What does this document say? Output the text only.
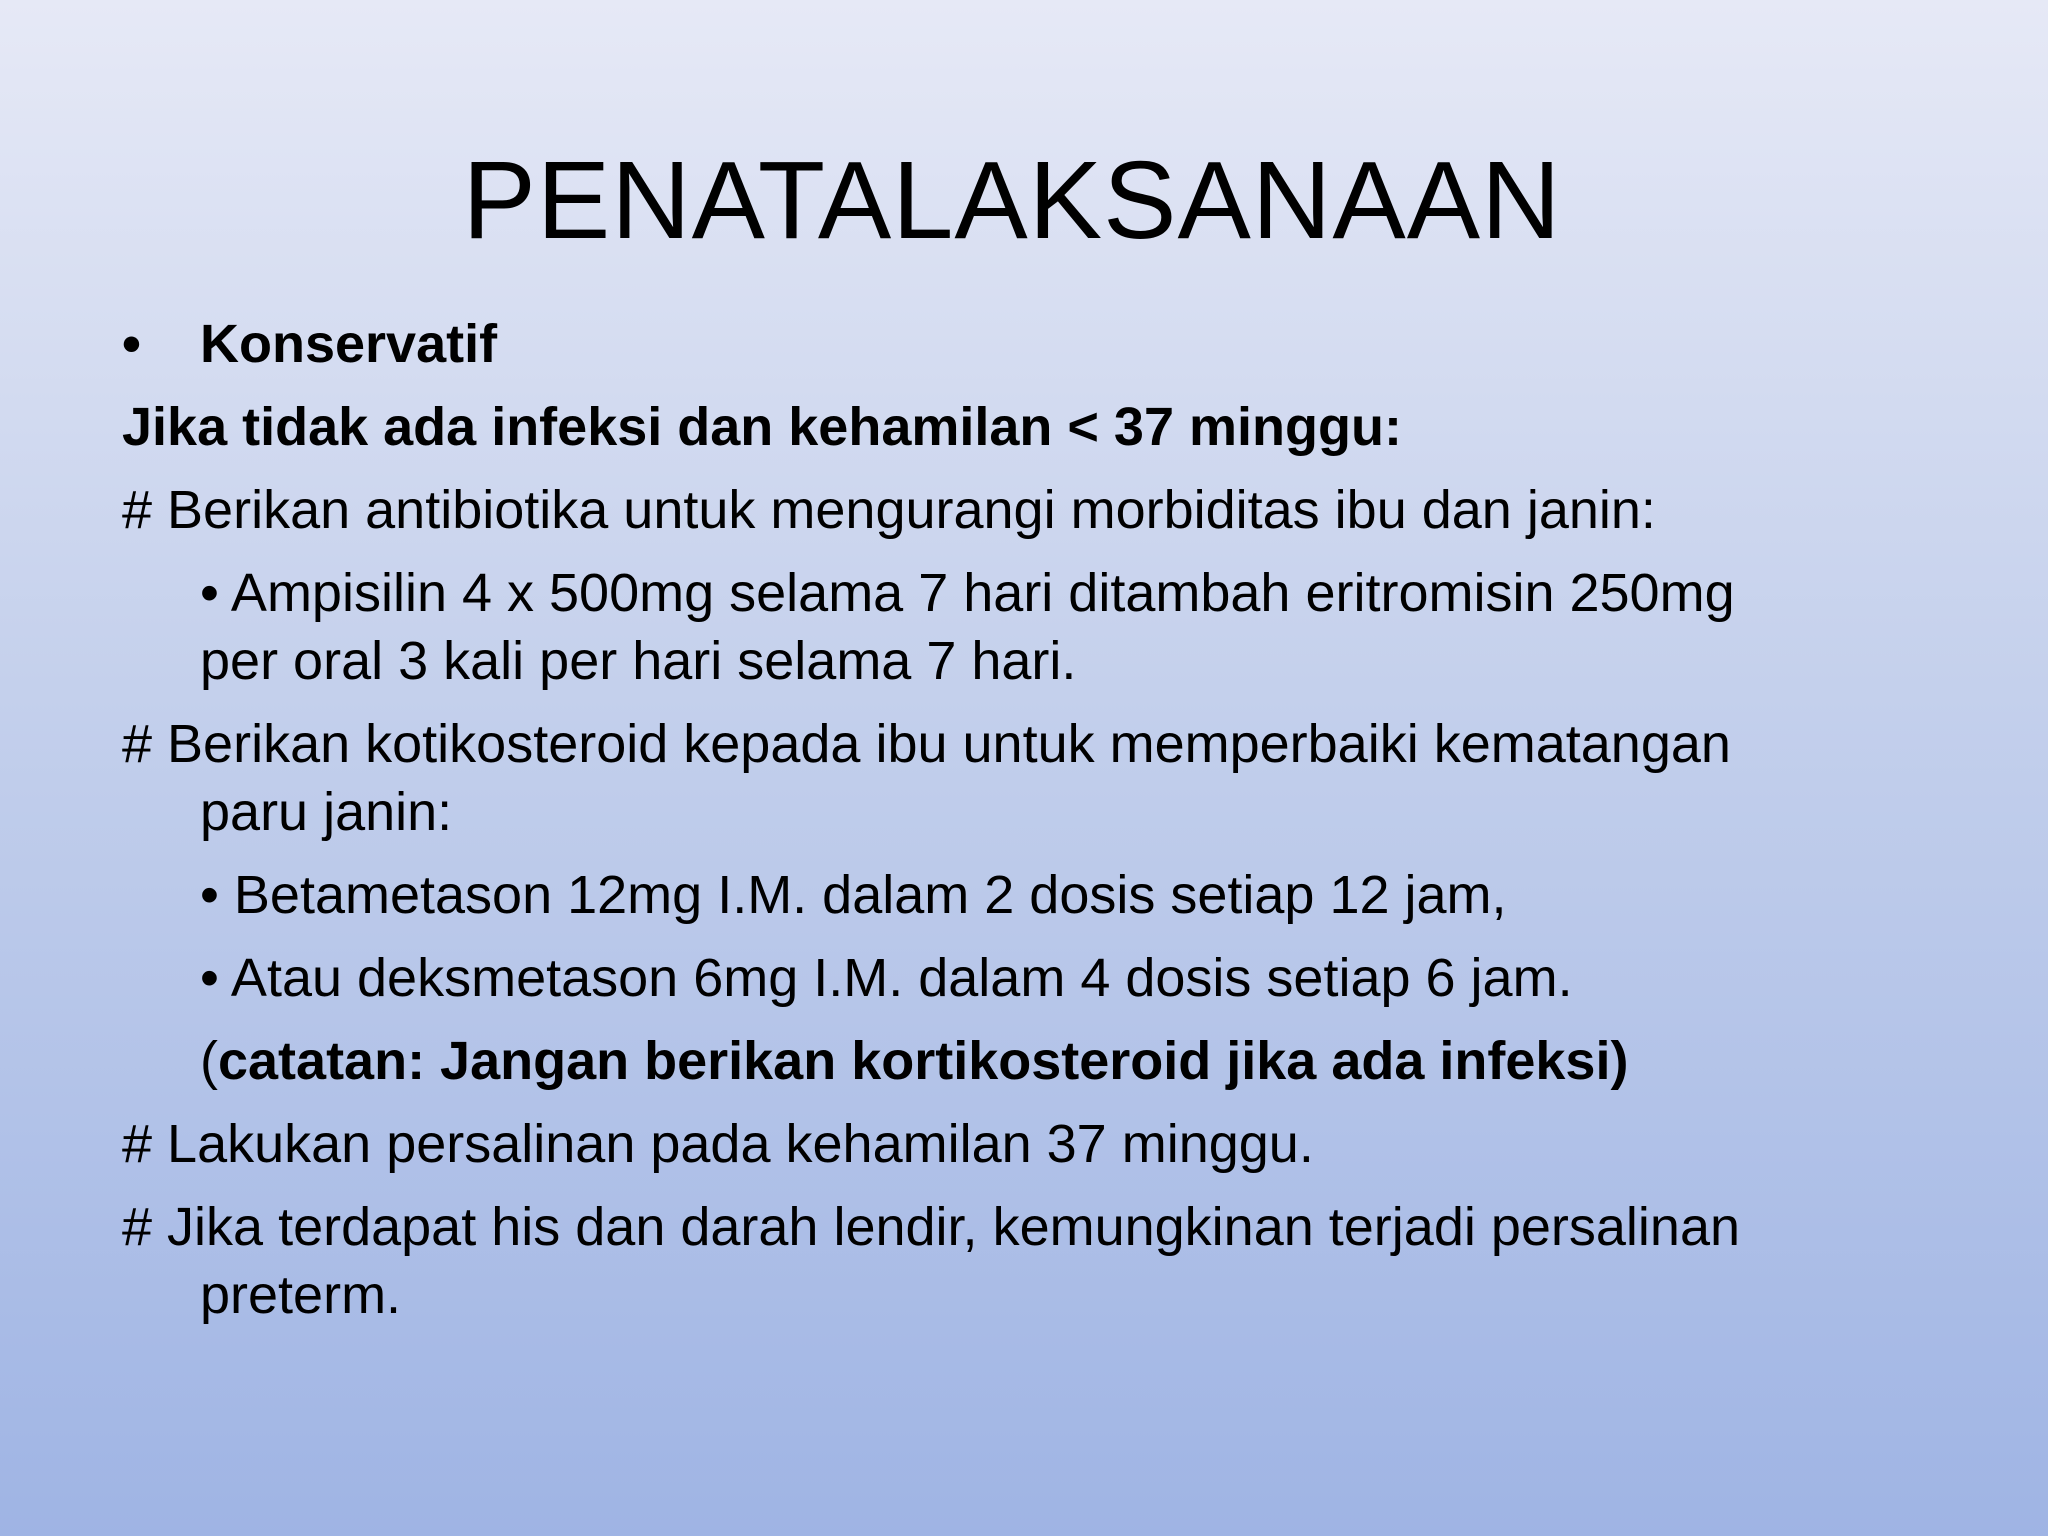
PENATALAKSANAAN
• Konservatif
Jika tidak ada infeksi dan kehamilan < 37 minggu:
# Berikan antibiotika untuk mengurangi morbiditas ibu dan janin:
• Ampisilin 4 x 500mg selama 7 hari ditambah eritromisin 250mg
per oral 3 kali per hari selama 7 hari.
# Berikan kotikosteroid kepada ibu untuk memperbaiki kematangan
paru janin:
• Betametason 12mg I.M. dalam 2 dosis setiap 12 jam,
• Atau deksmetason 6mg I.M. dalam 4 dosis setiap 6 jam.
(catatan: Jangan berikan kortikosteroid jika ada infeksi)
# Lakukan persalinan pada kehamilan 37 minggu.
# Jika terdapat his dan darah lendir, kemungkinan terjadi persalinan
preterm.
